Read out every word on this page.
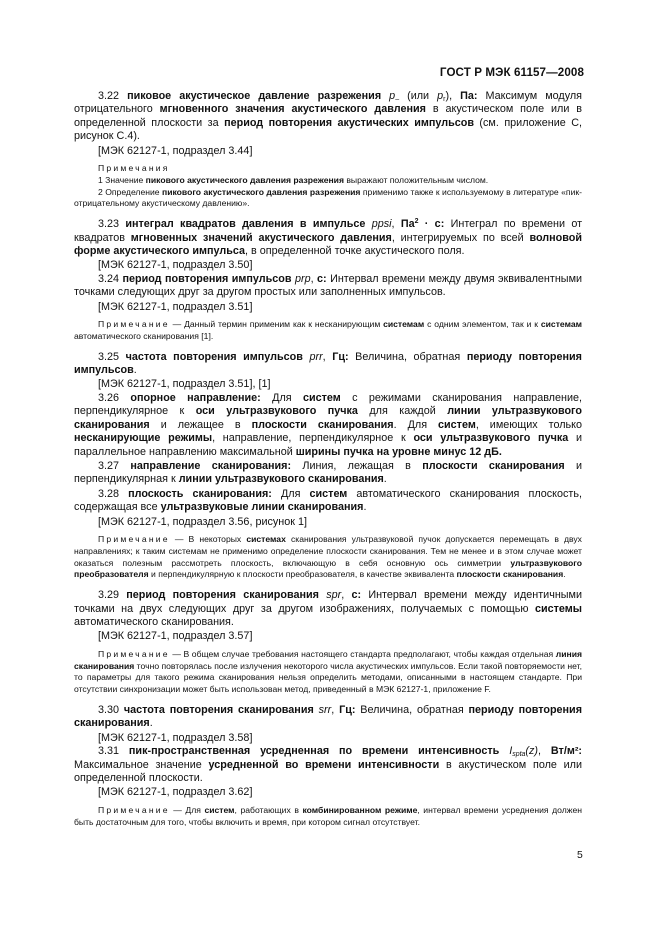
ГОСТ Р МЭК 61157—2008
3.22 пиковое акустическое давление разрежения $p_-$ (или $p_r$), Па: Максимум модуля отрицательного мгновенного значения акустического давления в акустическом поле или в определенной плоскости за период повторения акустических импульсов (см. приложение С, рисунок С.4).
[МЭК 62127-1, подраздел 3.44]
Примечания
1 Значение пикового акустического давления разрежения выражают положительным числом.
2 Определение пикового акустического давления разрежения применимо также к используемому в литературе «пик-отрицательному акустическому давлению».
3.23 интеграл квадратов давления в импульсе ppsi, $Па^2 \cdot с$: Интеграл по времени от квадратов мгновенных значений акустического давления, интегрируемых по всей волновой форме акустического импульса, в определенной точке акустического поля.
[МЭК 62127-1, подраздел 3.50]
3.24 период повторения импульсов prp, с: Интервал времени между двумя эквивалентными точками следующих друг за другом простых или заполненных импульсов.
[МЭК 62127-1, подраздел 3.51]
Примечание — Данный термин применим как к несканирующим системам с одним элементом, так и к системам автоматического сканирования [1].
3.25 частота повторения импульсов prr, Гц: Величина, обратная периоду повторения импульсов.
[МЭК 62127-1, подраздел 3.51], [1]
3.26 опорное направление: Для систем с режимами сканирования направление, перпендикулярное к оси ультразвукового пучка для каждой линии ультразвукового сканирования и лежащее в плоскости сканирования. Для систем, имеющих только несканирующие режимы, направление, перпендикулярное к оси ультразвукового пучка и параллельное направлению максимальной ширины пучка на уровне минус 12 дБ.
3.27 направление сканирования: Линия, лежащая в плоскости сканирования и перпендикулярная к линии ультразвукового сканирования.
3.28 плоскость сканирования: Для систем автоматического сканирования плоскость, содержащая все ультразвуковые линии сканирования.
[МЭК 62127-1, подраздел 3.56, рисунок 1]
Примечание — В некоторых системах сканирования ультразвуковой пучок допускается перемещать в двух направлениях; к таким системам не применимо определение плоскости сканирования. Тем не менее и в этом случае может оказаться полезным рассмотреть плоскость, включающую в себя основную ось симметрии ультразвукового преобразователя и перпендикулярную к плоскости преобразователя, в качестве эквивалента плоскости сканирования.
3.29 период повторения сканирования spr, с: Интервал времени между идентичными точками на двух следующих друг за другом изображениях, получаемых с помощью системы автоматического сканирования.
[МЭК 62127-1, подраздел 3.57]
Примечание — В общем случае требования настоящего стандарта предполагают, чтобы каждая отдельная линия сканирования точно повторялась после излучения некоторого числа акустических импульсов. Если такой повторяемости нет, то параметры для такого режима сканирования нельзя определить методами, описанными в настоящем стандарте. При отсутствии синхронизации может быть использован метод, приведенный в МЭК 62127-1, приложение F.
3.30 частота повторения сканирования srr, Гц: Величина, обратная периоду повторения сканирования.
[МЭК 62127-1, подраздел 3.58]
3.31 пик-пространственная усредненная по времени интенсивность $I_{spta}(z)$, Вт/м²: Максимальное значение усредненной во времени интенсивности в акустическом поле или определенной плоскости.
[МЭК 62127-1, подраздел 3.62]
Примечание — Для систем, работающих в комбинированном режиме, интервал времени усреднения должен быть достаточным для того, чтобы включить и время, при котором сигнал отсутствует.
5
